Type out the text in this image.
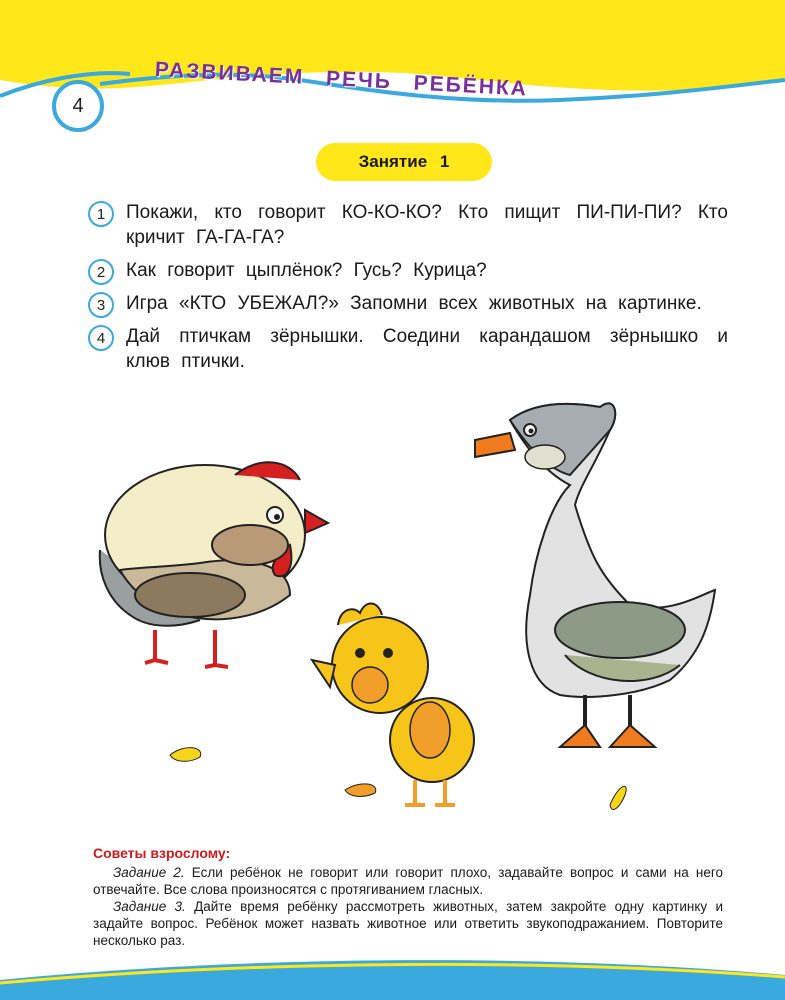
4
РАЗВИВАЕМ РЕЧЬ РЕБЁНКА
Занятие 1
1	Покажи, кто говорит КО-КО-КО? Кто пищит ПИ-ПИ-ПИ? Кто кричит ГА-ГА-ГА?
2	Как говорит цыплёнок? Гусь? Курица?
3	Игра «КТО УБЕЖАЛ?» Запомни всех животных на картинке.
4	Дай птичкам зёрнышки. Соедини карандашом зёрнышко и клюв птички.
Советы взрослому:

Задание 2. Если ребёнок не говорит или говорит плохо, задавайте вопрос и сами на него отвечайте. Все слова произносятся с протягиванием гласных.

Задание 3. Дайте время ребёнку рассмотреть животных, затем закройте одну картинку и задайте вопрос. Ребёнок может назвать животное или ответить звукоподражанием. Повторите несколько раз.
